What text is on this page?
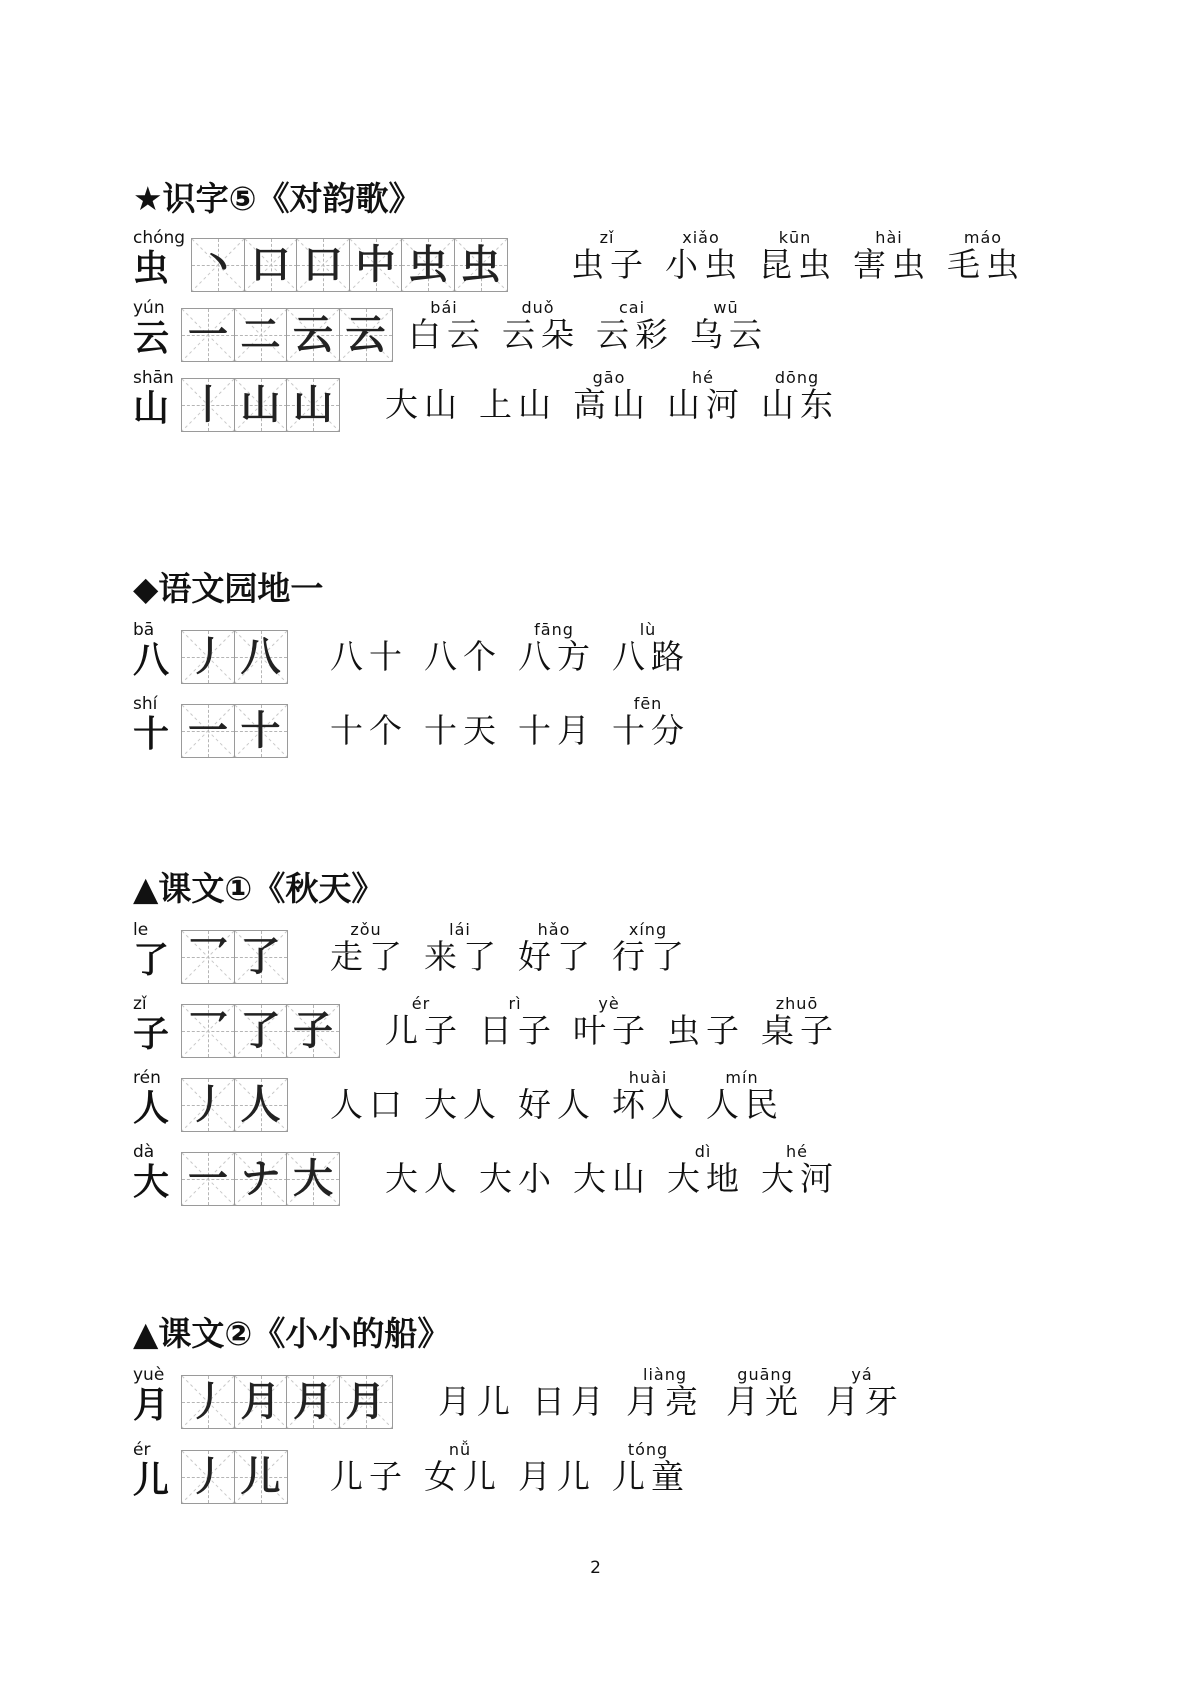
★识字⑤《对韵歌》
chóng
虫 丶 口 口 中 虫 虫
zǐ
虫子
xiǎo
小虫
kūn
昆虫
hài
害虫
máo
毛虫
yún
云 一 二 云 云
bái
白云
duǒ
云朵
cai
云彩
wū
乌云
shān
山 丨 山 山 大山 上山
gāo
高山
hé
山河
dōng
山东
◆语文园地一
bā
八 丿 八 八十 八个
fāng
八方
lù
八路
shí
十 一 十 十个 十天 十月
fēn
十分
▲课文①《秋天》
le
了 乛 了
zǒu
走了
lái
来了
hǎo
好了
xíng
行了
zǐ
子 乛 了 子
ér
儿子
rì
日子
yè
叶子 虫子
zhuō
桌子
rén
人 丿 人 人口 大人 好人
huài
坏人
mín
人民
dà
大 一 ナ 大 大人 大小 大山
dì
大地
hé
大河
▲课文②《小小的船》
yuè
月 丿 月 月 月 月儿 日月
liàng
月亮
guāng
月光
yá
月牙
ér
儿 丿 儿 儿子
nǚ
女儿 月儿
tóng
儿童
2
